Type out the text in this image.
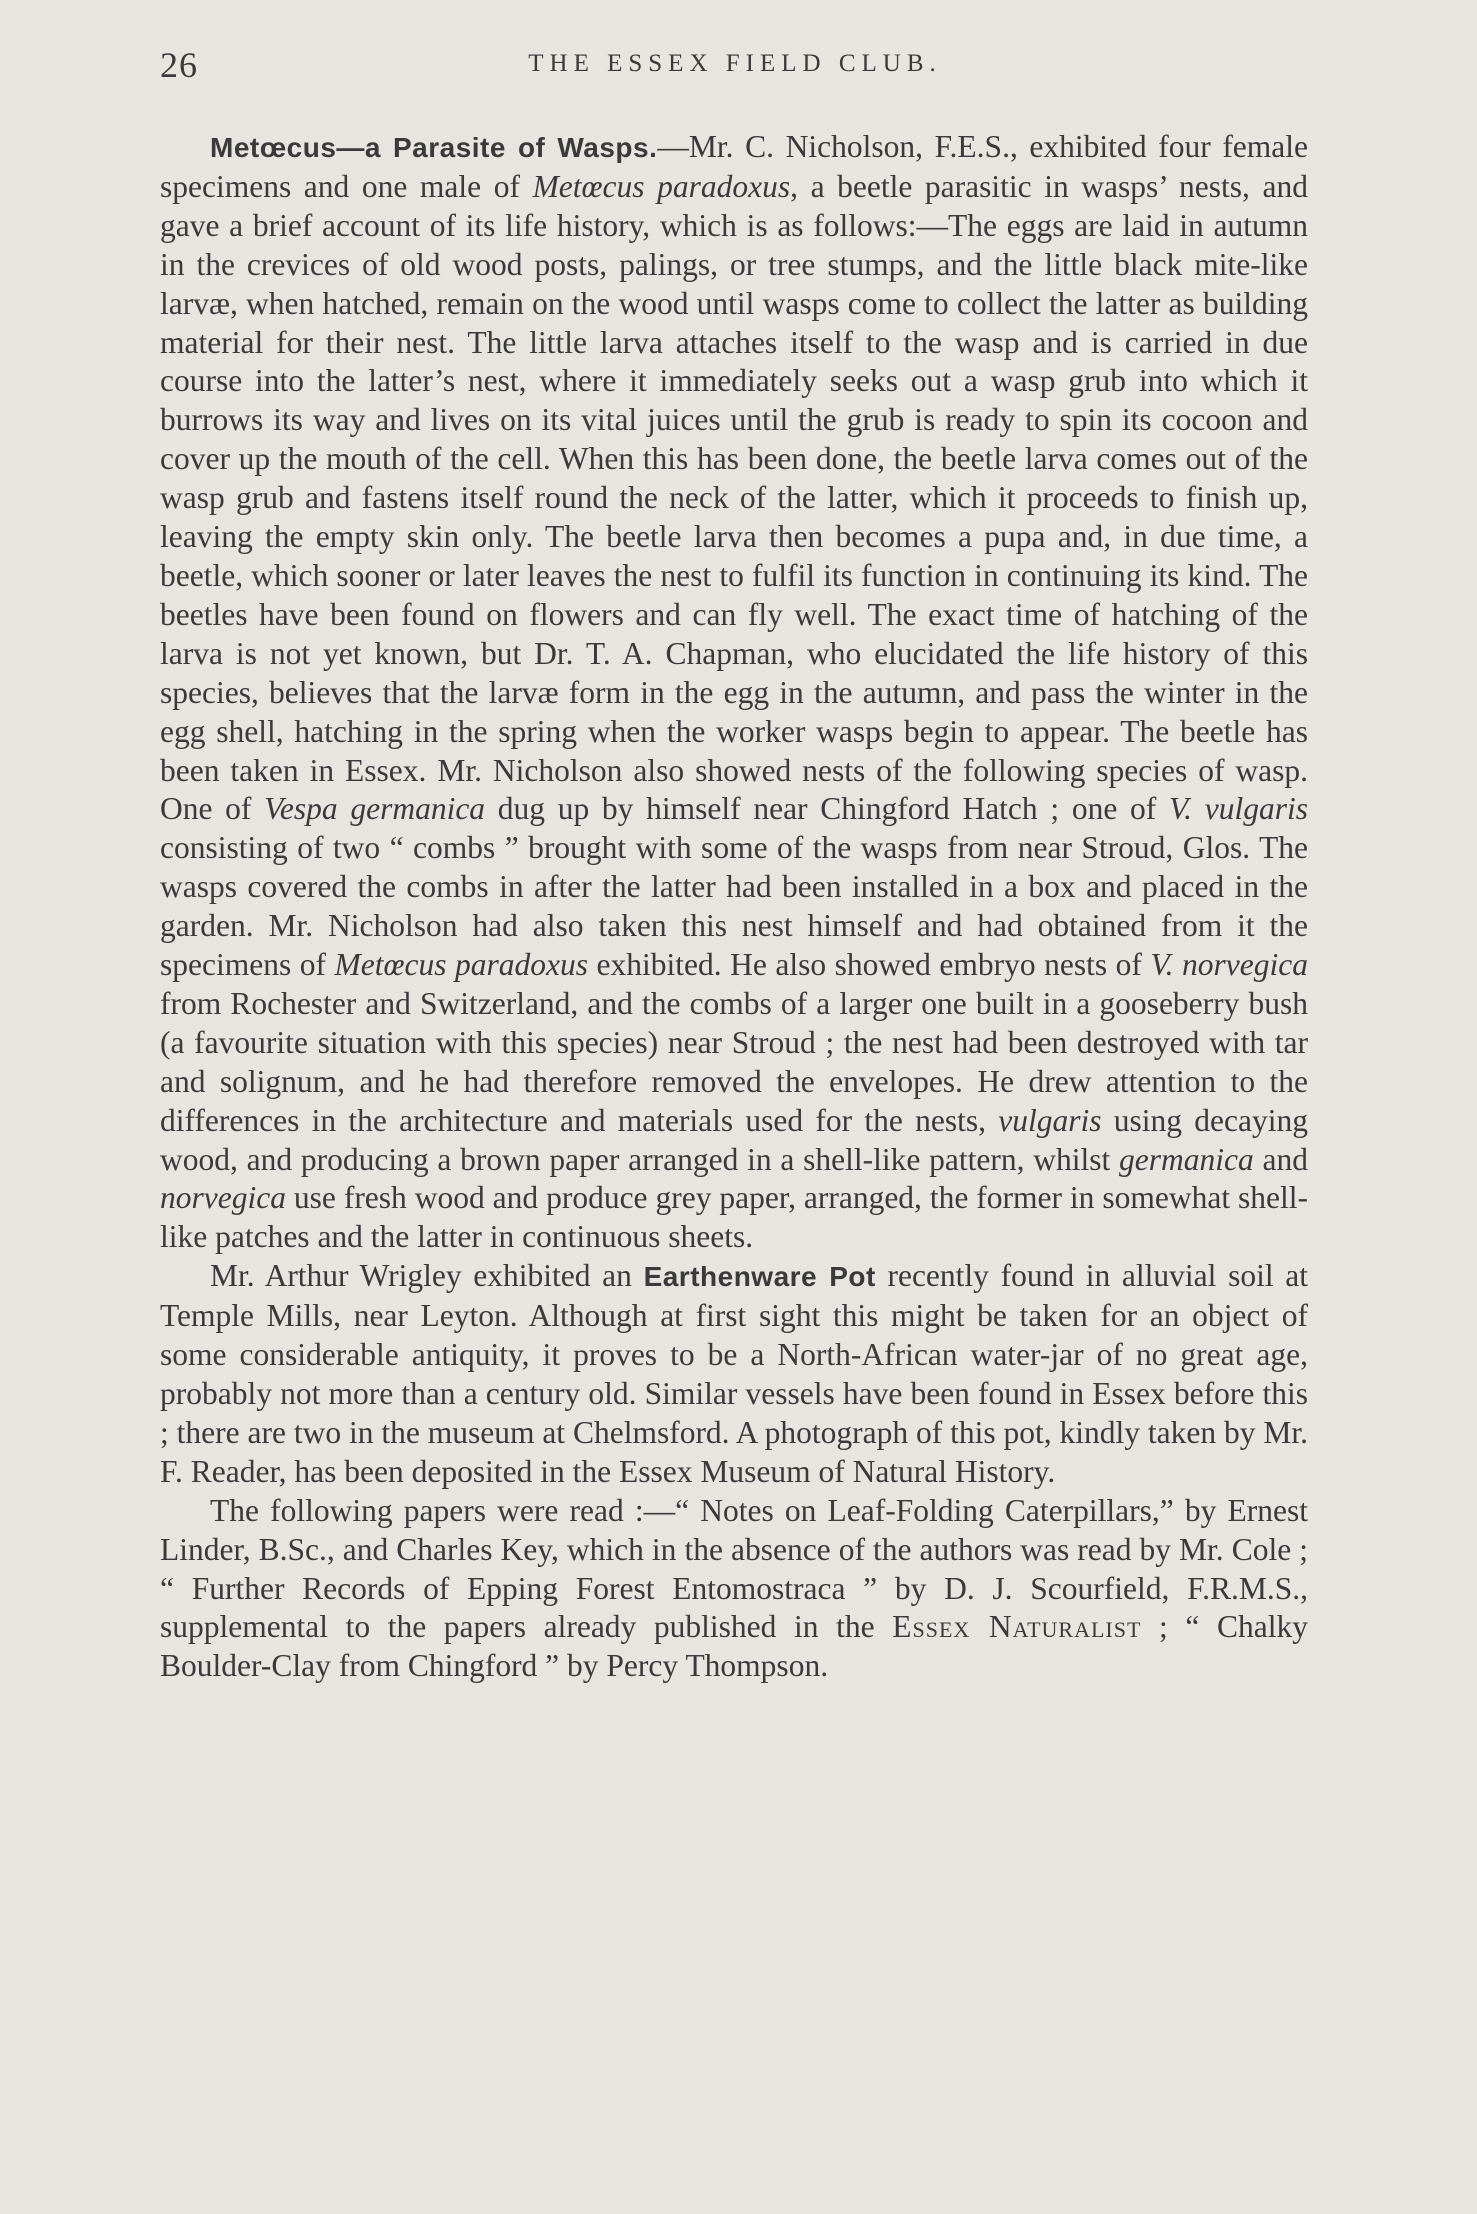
26	THE ESSEX FIELD CLUB.

Metœcus—a Parasite of Wasps.—Mr. C. Nicholson, F.E.S., exhibited four female specimens and one male of Metœcus paradoxus, a beetle parasitic in wasps’ nests, and gave a brief account of its life history, which is as follows:—The eggs are laid in autumn in the crevices of old wood posts, palings, or tree stumps, and the little black mite-like larvæ, when hatched, remain on the wood until wasps come to collect the latter as building material for their nest. The little larva attaches itself to the wasp and is carried in due course into the latter’s nest, where it immediately seeks out a wasp grub into which it burrows its way and lives on its vital juices until the grub is ready to spin its cocoon and cover up the mouth of the cell. When this has been done, the beetle larva comes out of the wasp grub and fastens itself round the neck of the latter, which it proceeds to finish up, leaving the empty skin only. The beetle larva then becomes a pupa and, in due time, a beetle, which sooner or later leaves the nest to fulfil its function in continuing its kind. The beetles have been found on flowers and can fly well. The exact time of hatching of the larva is not yet known, but Dr. T. A. Chapman, who elucidated the life history of this species, believes that the larvæ form in the egg in the autumn, and pass the winter in the egg shell, hatching in the spring when the worker wasps begin to appear. The beetle has been taken in Essex. Mr. Nicholson also showed nests of the following species of wasp. One of Vespa germanica dug up by himself near Chingford Hatch ; one of V. vulgaris consisting of two “ combs ” brought with some of the wasps from near Stroud, Glos. The wasps covered the combs in after the latter had been installed in a box and placed in the garden. Mr. Nicholson had also taken this nest himself and had obtained from it the specimens of Metœcus paradoxus exhibited. He also showed embryo nests of V. norvegica from Rochester and Switzerland, and the combs of a larger one built in a gooseberry bush (a favourite situation with this species) near Stroud ; the nest had been destroyed with tar and solignum, and he had therefore removed the envelopes. He drew attention to the differences in the architecture and materials used for the nests, vulgaris using decaying wood, and producing a brown paper arranged in a shell-like pattern, whilst germanica and norvegica use fresh wood and produce grey paper, arranged, the former in somewhat shell-like patches and the latter in continuous sheets.

Mr. Arthur Wrigley exhibited an Earthenware Pot recently found in alluvial soil at Temple Mills, near Leyton. Although at first sight this might be taken for an object of some considerable antiquity, it proves to be a North-African water-jar of no great age, probably not more than a century old. Similar vessels have been found in Essex before this ; there are two in the museum at Chelmsford. A photograph of this pot, kindly taken by Mr. F. Reader, has been deposited in the Essex Museum of Natural History.

The following papers were read :—“ Notes on Leaf-Folding Caterpillars,” by Ernest Linder, B.Sc., and Charles Key, which in the absence of the authors was read by Mr. Cole ; “ Further Records of Epping Forest Entomostraca ” by D. J. Scourfield, F.R.M.S., supplemental to the papers already published in the Essex Naturalist ; “ Chalky Boulder-Clay from Chingford ” by Percy Thompson.
